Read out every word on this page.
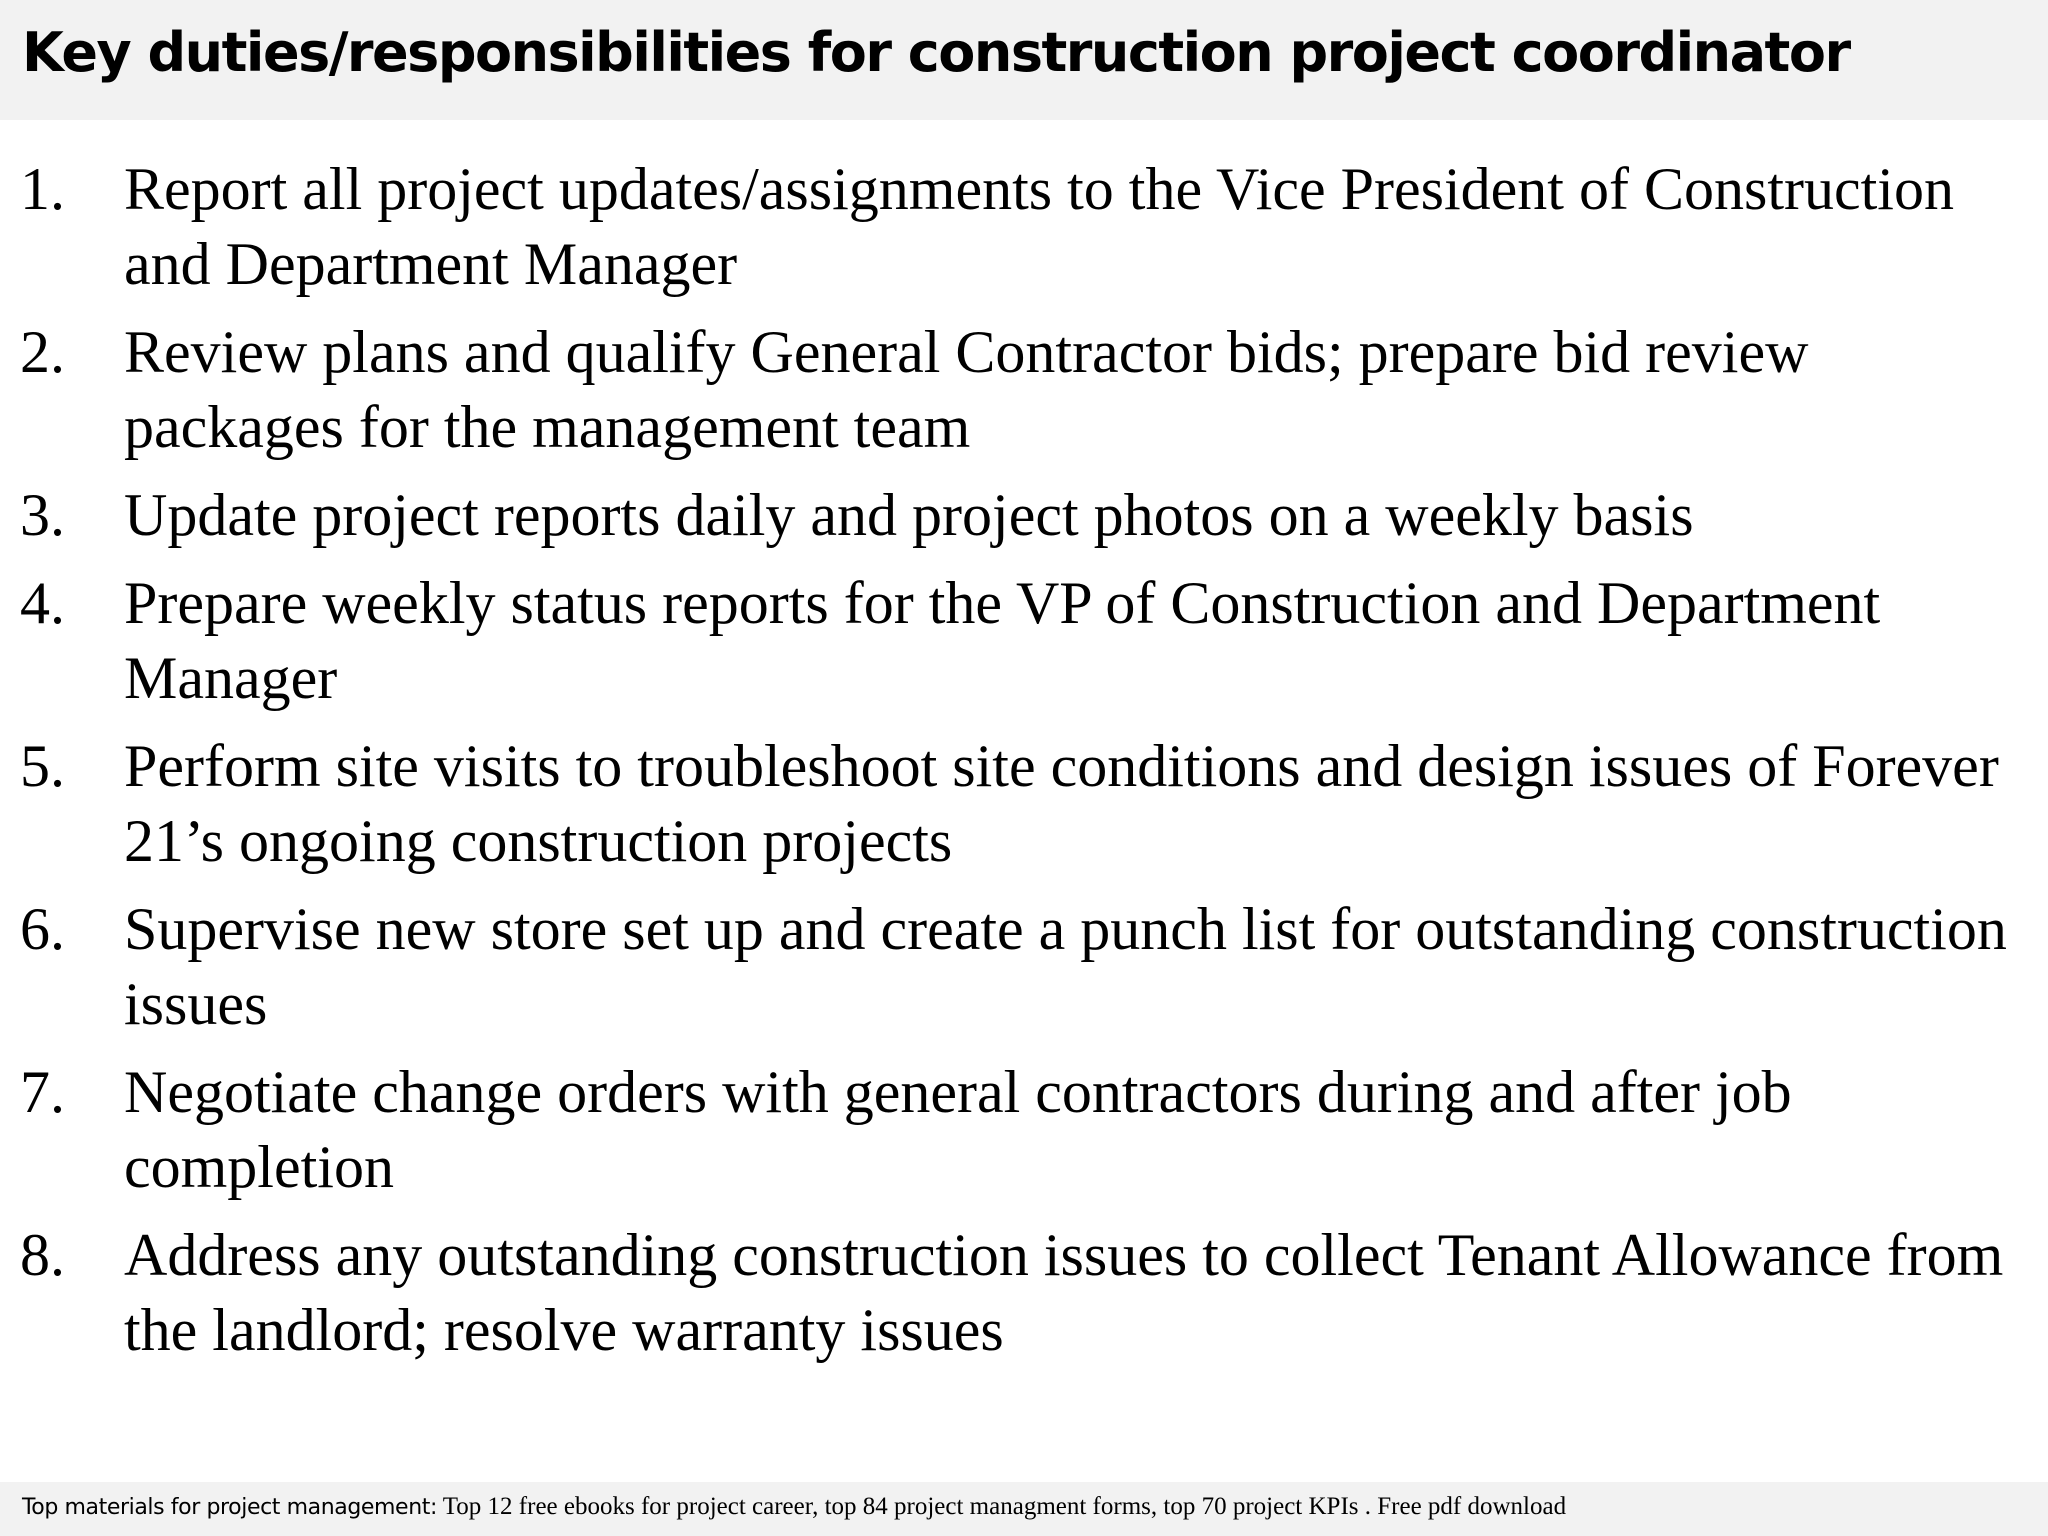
Key duties/responsibilities for construction project coordinator
1. Report all project updates/assignments to the Vice President of Construction and Department Manager
2. Review plans and qualify General Contractor bids; prepare bid review packages for the management team
3. Update project reports daily and project photos on a weekly basis
4. Prepare weekly status reports for the VP of Construction and Department Manager
5. Perform site visits to troubleshoot site conditions and design issues of Forever 21’s ongoing construction projects
6. Supervise new store set up and create a punch list for outstanding construction issues
7. Negotiate change orders with general contractors during and after job completion
8. Address any outstanding construction issues to collect Tenant Allowance from the landlord; resolve warranty issues
Top materials for project management: Top 12 free ebooks for project career, top 84 project managment forms, top 70 project KPIs . Free pdf download
